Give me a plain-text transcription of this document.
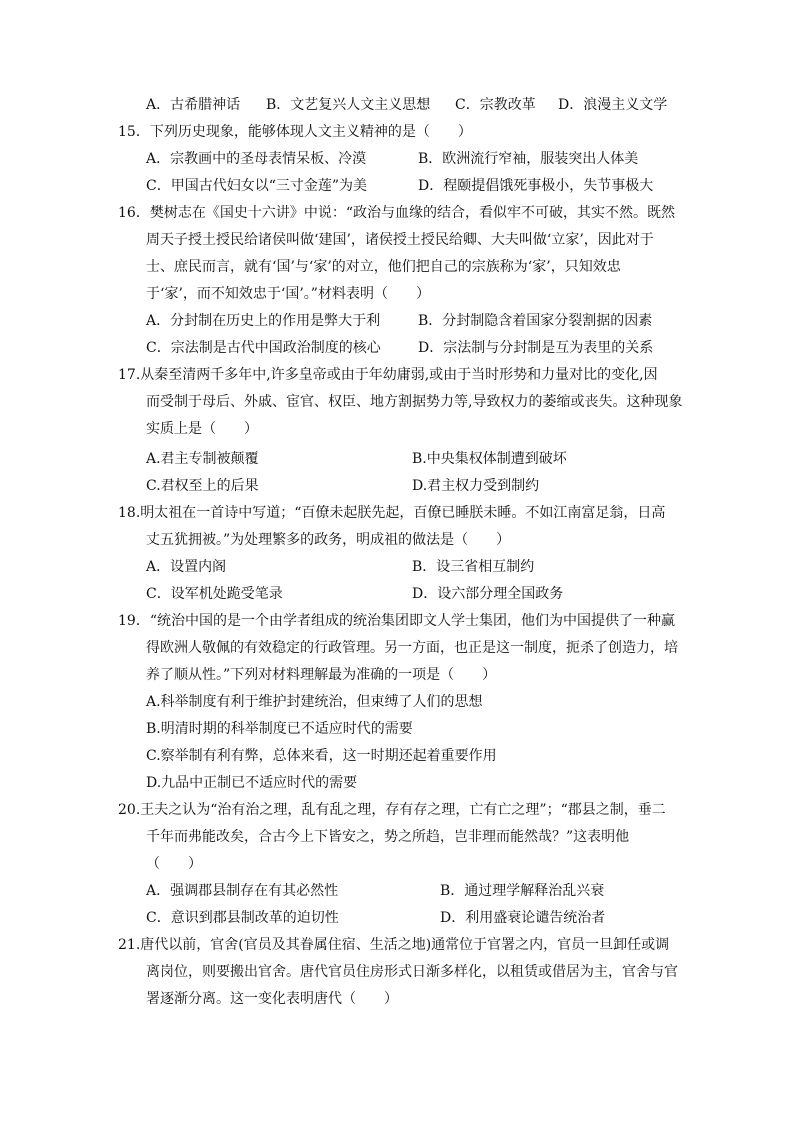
A．古希腊神话 B．文艺复兴人文主义思想 C．宗教改革 D．浪漫主义文学
15．下列历史现象，能够体现人文主义精神的是（　　）
A．宗教画中的圣母表情呆板、冷漠	B．欧洲流行窄袖，服装突出人体美
C．甲国古代妇女以“三寸金莲”为美	D．程颐提倡饿死事极小，失节事极大
16．樊树志在《国史十六讲》中说：“政治与血缘的结合，看似牢不可破，其实不然。既然
周天子授土授民给诸侯叫做‘建国’，诸侯授土授民给卿、大夫叫做‘立家’，因此对于
士、庶民而言，就有‘国’与‘家’的对立，他们把自己的宗族称为‘家’，只知效忠
于‘家’，而不知效忠于‘国’。”材料表明（　　）
A．分封制在历史上的作用是弊大于利	B．分封制隐含着国家分裂割据的因素
C．宗法制是古代中国政治制度的核心	D．宗法制与分封制是互为表里的关系
17.从秦至清两千多年中,许多皇帝或由于年幼庸弱,或由于当时形势和力量对比的变化,因
而受制于母后、外戚、宦官、权臣、地方割据势力等,导致权力的萎缩或丧失。这种现象
实质上是（　　）
A.君主专制被颠覆	B.中央集权体制遭到破坏
C.君权至上的后果	D.君主权力受到制约
18.明太祖在一首诗中写道；“百僚未起朕先起，百僚已睡朕未睡。不如江南富足翁，日高
丈五犹拥被。”为处理繁多的政务，明成祖的做法是（　　）
A．设置内阁	B．设三省相互制约
C．设军机处跪受笔录	D．设六部分理全国政务
19．“统治中国的是一个由学者组成的统治集团即文人学士集团，他们为中国提供了一种赢
得欧洲人敬佩的有效稳定的行政管理。另一方面，也正是这一制度，扼杀了创造力，培
养了顺从性。”下列对材料理解最为准确的一项是（　　）
A.科举制度有利于维护封建统治，但束缚了人们的思想
B.明清时期的科举制度已不适应时代的需要
C.察举制有利有弊，总体来看，这一时期还起着重要作用
D.九品中正制已不适应时代的需要
20.王夫之认为“治有治之理，乱有乱之理，存有存之理，亡有亡之理”；“郡县之制，垂二
千年而弗能改矣，合古今上下皆安之，势之所趋，岂非理而能然哉？”这表明他
（　　）
A．强调郡县制存在有其必然性	B．通过理学解释治乱兴衰
C．意识到郡县制改革的迫切性	D．利用盛衰论谴告统治者
21.唐代以前，官舍(官员及其眷属住宿、生活之地)通常位于官署之内，官员一旦卸任或调
离岗位，则要搬出官舍。唐代官员住房形式日渐多样化，以租赁或借居为主，官舍与官
署逐渐分离。这一变化表明唐代（　　）
